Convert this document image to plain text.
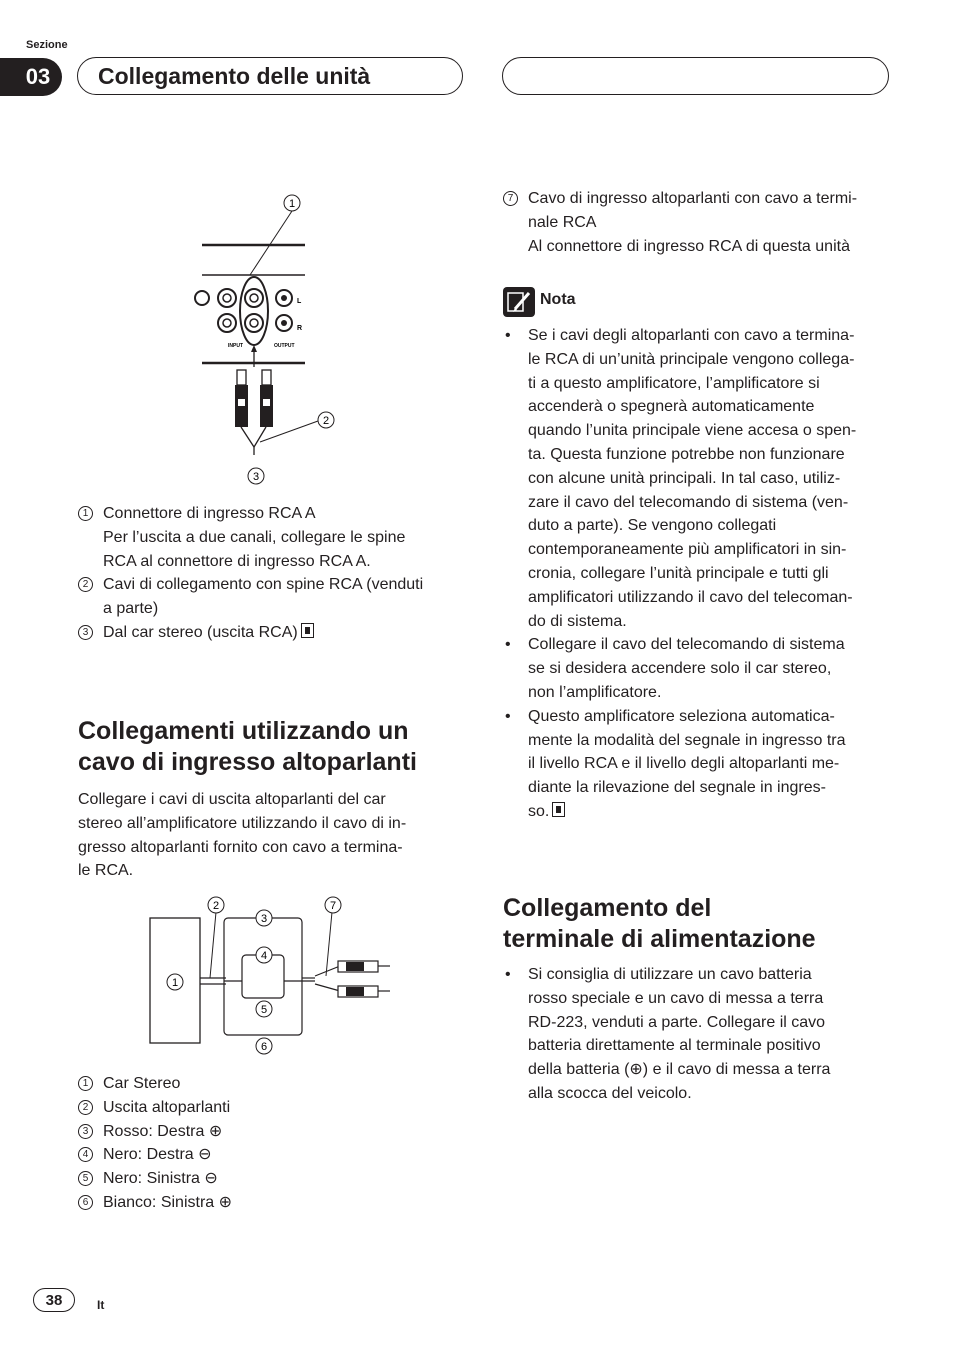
Sezione
03	Collegamento delle unità
L
R
INPUT	OUTPUT
1
2
3
1 Connettore di ingresso RCA A
Per l’uscita a due canali, collegare le spine
RCA al connettore di ingresso RCA A.
2 Cavi di collegamento con spine RCA (venduti
a parte)
3 Dal car stereo (uscita RCA)
Collegamenti utilizzando un
cavo di ingresso altoparlanti
Collegare i cavi di uscita altoparlanti del car
stereo all’amplificatore utilizzando il cavo di in-
gresso altoparlanti fornito con cavo a termina-
le RCA.
1
2
3
4
5
6
7
1 Car Stereo
2 Uscita altoparlanti
3 Rosso: Destra ⊕
4 Nero: Destra ⊖
5 Nero: Sinistra ⊖
6 Bianco: Sinistra ⊕
7 Cavo di ingresso altoparlanti con cavo a termi-
nale RCA
Al connettore di ingresso RCA di questa unità
Nota
• Se i cavi degli altoparlanti con cavo a termina-
le RCA di un’unità principale vengono collega-
ti a questo amplificatore, l’amplificatore si
accenderà o spegnerà automaticamente
quando l’unita principale viene accesa o spen-
ta. Questa funzione potrebbe non funzionare
con alcune unità principali. In tal caso, utiliz-
zare il cavo del telecomando di sistema (ven-
duto a parte). Se vengono collegati
contemporaneamente più amplificatori in sin-
cronia, collegare l’unità principale e tutti gli
amplificatori utilizzando il cavo del telecoman-
do di sistema.
• Collegare il cavo del telecomando di sistema
se si desidera accendere solo il car stereo,
non l’amplificatore.
• Questo amplificatore seleziona automatica-
mente la modalità del segnale in ingresso tra
il livello RCA e il livello degli altoparlanti me-
diante la rilevazione del segnale in ingres-
so.
Collegamento del
terminale di alimentazione
• Si consiglia di utilizzare un cavo batteria
rosso speciale e un cavo di messa a terra
RD-223, venduti a parte. Collegare il cavo
batteria direttamente al terminale positivo
della batteria (⊕) e il cavo di messa a terra
alla scocca del veicolo.
38	It
